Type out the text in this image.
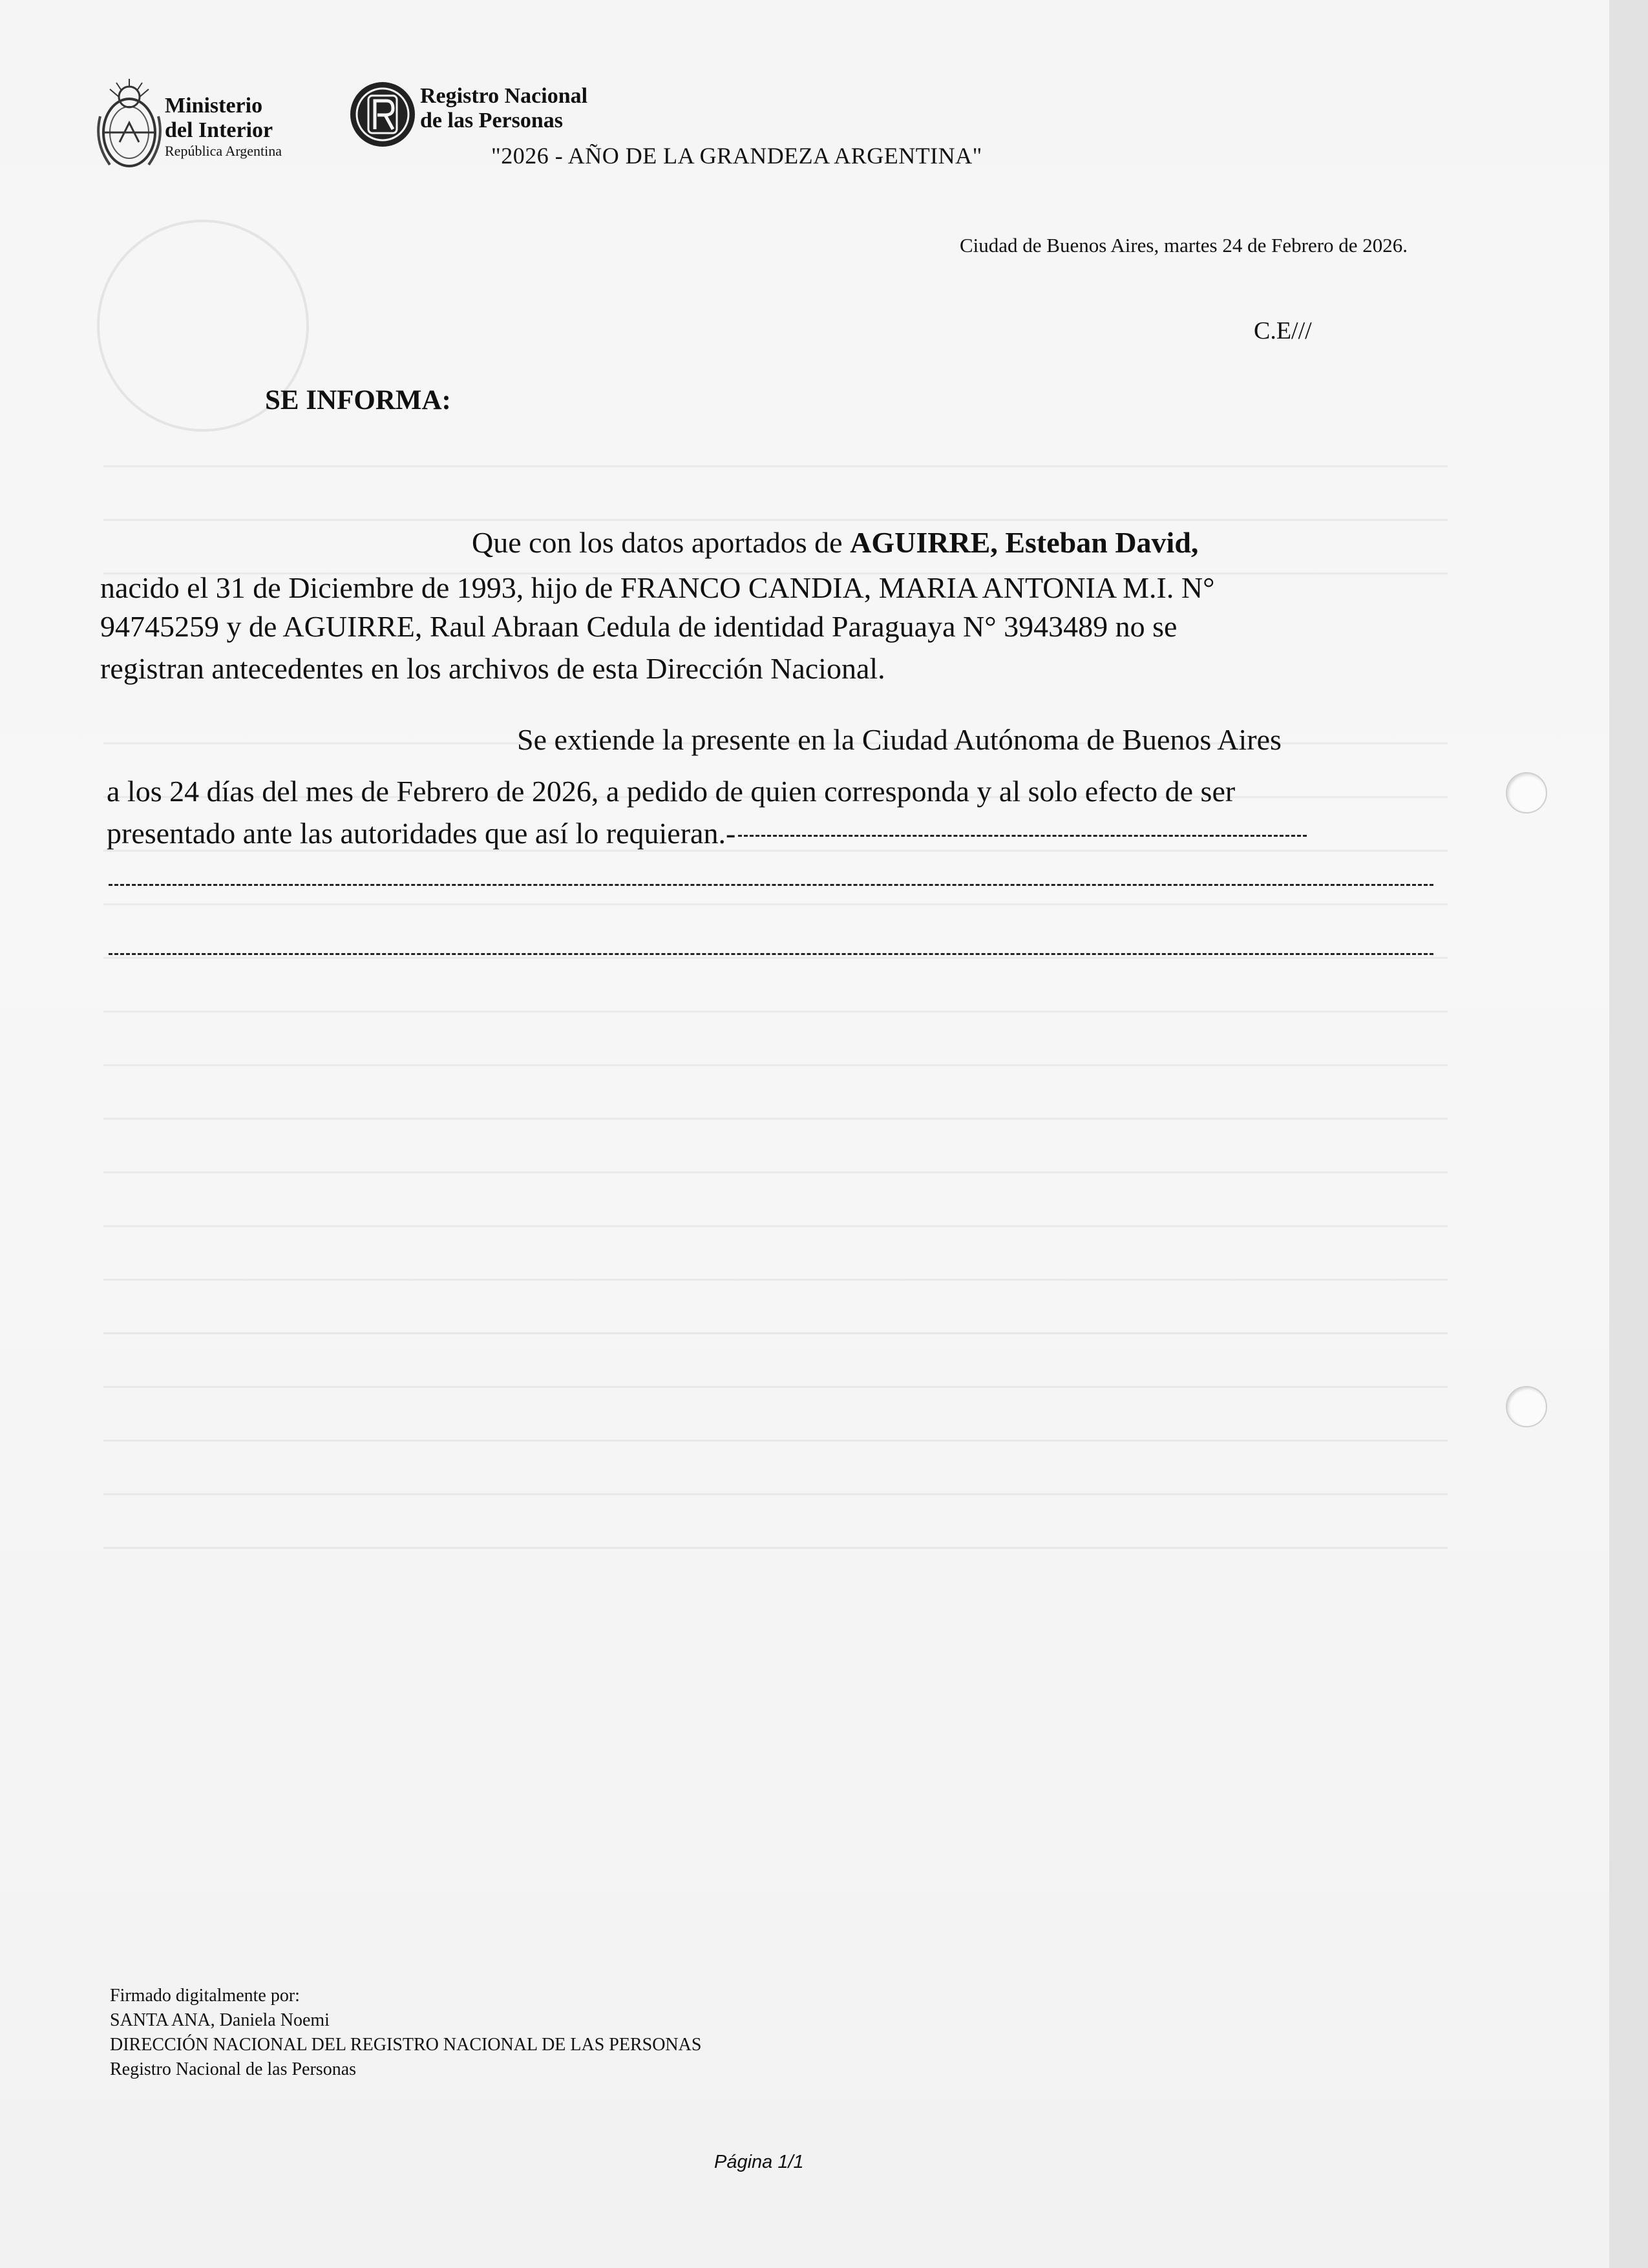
Ministerio
del Interior
República Argentina
Registro Nacional
de las Personas
"2026 - AÑO DE LA GRANDEZA ARGENTINA"
Ciudad de Buenos Aires, martes 24 de Febrero de 2026.
C.E///
SE INFORMA:
Que con los datos aportados de AGUIRRE, Esteban David,
nacido el 31 de Diciembre de 1993, hijo de FRANCO CANDIA, MARIA ANTONIA M.I. N°
94745259 y de AGUIRRE, Raul Abraan Cedula de identidad Paraguaya N° 3943489 no se
registran antecedentes en los archivos de esta Dirección Nacional.
Se extiende la presente en la Ciudad Autónoma de Buenos Aires
a los 24 días del mes de Febrero de 2026, a pedido de quien corresponda y al solo efecto de ser
presentado ante las autoridades que así lo requieran.-
Firmado digitalmente por:
SANTA ANA, Daniela Noemi
DIRECCIÓN NACIONAL DEL REGISTRO NACIONAL DE LAS PERSONAS
Registro Nacional de las Personas
Página 1/1
